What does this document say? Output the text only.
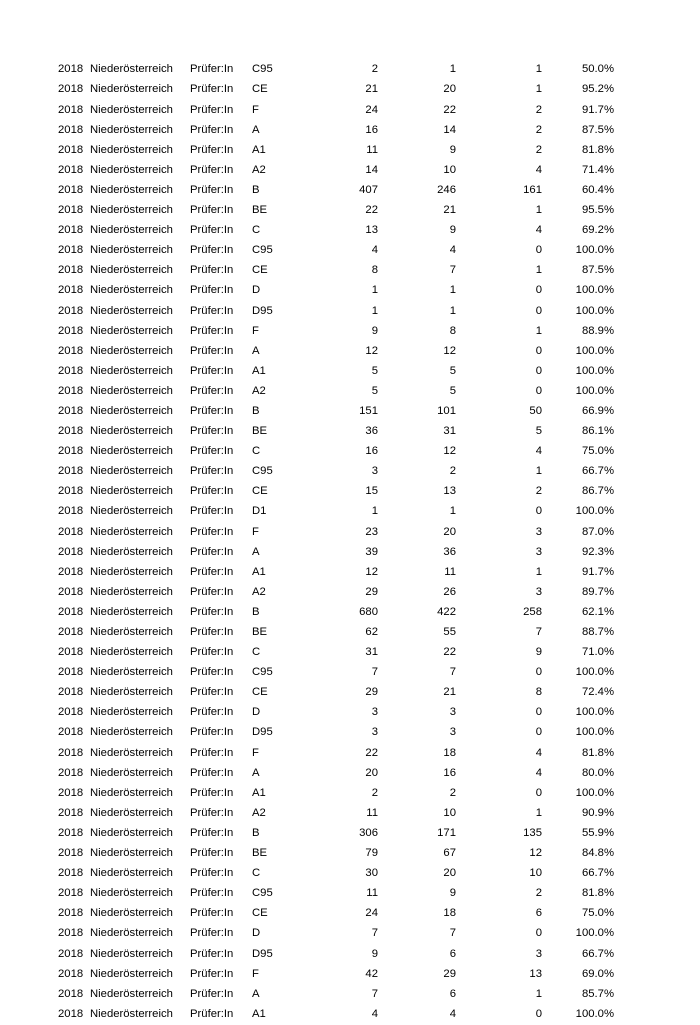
2018	Niederösterreich	Prüfer:In	C95	2	1	1	50.0%
2018	Niederösterreich	Prüfer:In	CE	21	20	1	95.2%
2018	Niederösterreich	Prüfer:In	F	24	22	2	91.7%
2018	Niederösterreich	Prüfer:In	A	16	14	2	87.5%
2018	Niederösterreich	Prüfer:In	A1	11	9	2	81.8%
2018	Niederösterreich	Prüfer:In	A2	14	10	4	71.4%
2018	Niederösterreich	Prüfer:In	B	407	246	161	60.4%
2018	Niederösterreich	Prüfer:In	BE	22	21	1	95.5%
2018	Niederösterreich	Prüfer:In	C	13	9	4	69.2%
2018	Niederösterreich	Prüfer:In	C95	4	4	0	100.0%
2018	Niederösterreich	Prüfer:In	CE	8	7	1	87.5%
2018	Niederösterreich	Prüfer:In	D	1	1	0	100.0%
2018	Niederösterreich	Prüfer:In	D95	1	1	0	100.0%
2018	Niederösterreich	Prüfer:In	F	9	8	1	88.9%
2018	Niederösterreich	Prüfer:In	A	12	12	0	100.0%
2018	Niederösterreich	Prüfer:In	A1	5	5	0	100.0%
2018	Niederösterreich	Prüfer:In	A2	5	5	0	100.0%
2018	Niederösterreich	Prüfer:In	B	151	101	50	66.9%
2018	Niederösterreich	Prüfer:In	BE	36	31	5	86.1%
2018	Niederösterreich	Prüfer:In	C	16	12	4	75.0%
2018	Niederösterreich	Prüfer:In	C95	3	2	1	66.7%
2018	Niederösterreich	Prüfer:In	CE	15	13	2	86.7%
2018	Niederösterreich	Prüfer:In	D1	1	1	0	100.0%
2018	Niederösterreich	Prüfer:In	F	23	20	3	87.0%
2018	Niederösterreich	Prüfer:In	A	39	36	3	92.3%
2018	Niederösterreich	Prüfer:In	A1	12	11	1	91.7%
2018	Niederösterreich	Prüfer:In	A2	29	26	3	89.7%
2018	Niederösterreich	Prüfer:In	B	680	422	258	62.1%
2018	Niederösterreich	Prüfer:In	BE	62	55	7	88.7%
2018	Niederösterreich	Prüfer:In	C	31	22	9	71.0%
2018	Niederösterreich	Prüfer:In	C95	7	7	0	100.0%
2018	Niederösterreich	Prüfer:In	CE	29	21	8	72.4%
2018	Niederösterreich	Prüfer:In	D	3	3	0	100.0%
2018	Niederösterreich	Prüfer:In	D95	3	3	0	100.0%
2018	Niederösterreich	Prüfer:In	F	22	18	4	81.8%
2018	Niederösterreich	Prüfer:In	A	20	16	4	80.0%
2018	Niederösterreich	Prüfer:In	A1	2	2	0	100.0%
2018	Niederösterreich	Prüfer:In	A2	11	10	1	90.9%
2018	Niederösterreich	Prüfer:In	B	306	171	135	55.9%
2018	Niederösterreich	Prüfer:In	BE	79	67	12	84.8%
2018	Niederösterreich	Prüfer:In	C	30	20	10	66.7%
2018	Niederösterreich	Prüfer:In	C95	11	9	2	81.8%
2018	Niederösterreich	Prüfer:In	CE	24	18	6	75.0%
2018	Niederösterreich	Prüfer:In	D	7	7	0	100.0%
2018	Niederösterreich	Prüfer:In	D95	9	6	3	66.7%
2018	Niederösterreich	Prüfer:In	F	42	29	13	69.0%
2018	Niederösterreich	Prüfer:In	A	7	6	1	85.7%
2018	Niederösterreich	Prüfer:In	A1	4	4	0	100.0%
